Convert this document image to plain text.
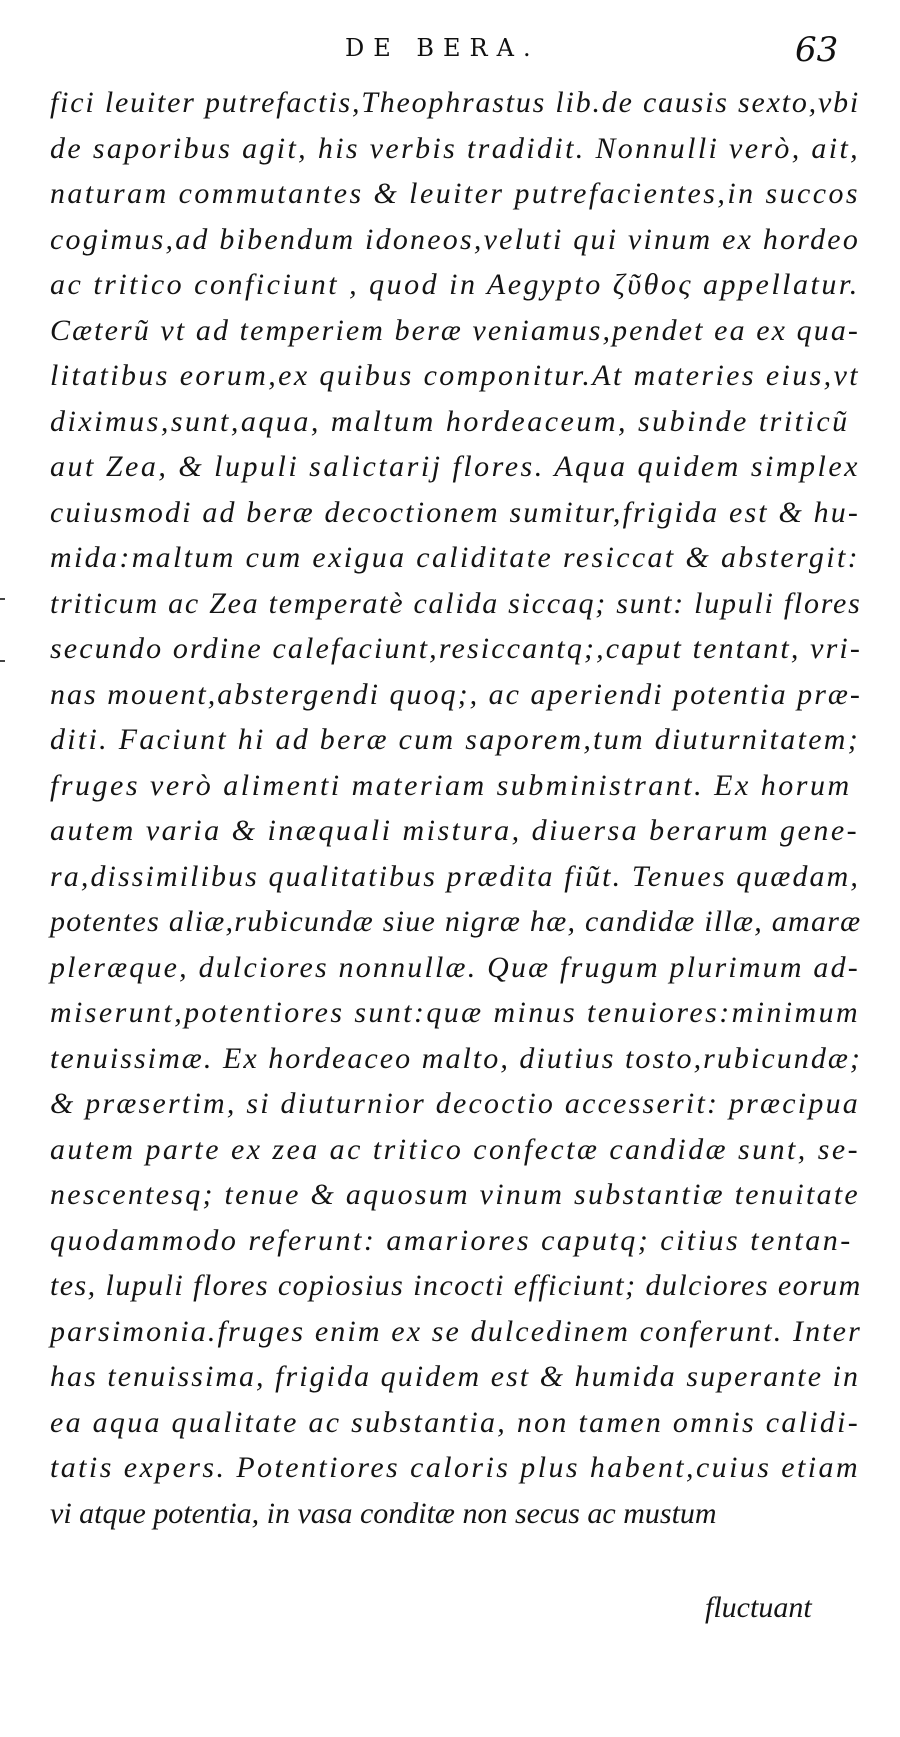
DE BERA.	63
fici leuiter putrefactis,Theophrastus lib.de causis sexto,vbi
de saporibus agit, his verbis tradidit. Nonnulli verò, ait,
naturam commutantes & leuiter putrefacientes,in succos
cogimus,ad bibendum idoneos,veluti qui vinum ex hordeo
ac tritico conficiunt , quod in Aegypto ζῦθος appellatur.
Cæterũ vt ad temperiem beræ veniamus,pendet ea ex qua-
litatibus eorum,ex quibus componitur.At materies eius,vt
diximus,sunt,aqua, maltum hordeaceum, subinde triticũ
aut Zea, & lupuli salictarij flores. Aqua quidem simplex
cuiusmodi ad beræ decoctionem sumitur,frigida est & hu-
mida:maltum cum exigua caliditate resiccat & abstergit:
triticum ac Zea temperatè calida siccaq; sunt: lupuli flores
secundo ordine calefaciunt,resiccantq;,caput tentant, vri-
nas mouent,abstergendi quoq;, ac aperiendi potentia præ-
diti. Faciunt hi ad beræ cum saporem,tum diuturnitatem;
fruges verò alimenti materiam subministrant. Ex horum
autem varia & inæquali mistura, diuersa berarum gene-
ra,dissimilibus qualitatibus prædita fiũt. Tenues quædam,
potentes aliæ,rubicundæ siue nigræ hæ, candidæ illæ, amaræ
pleræque, dulciores nonnullæ. Quæ frugum plurimum ad-
miserunt,potentiores sunt:quæ minus tenuiores:minimum
tenuissimæ. Ex hordeaceo malto, diutius tosto,rubicundæ;
& præsertim, si diuturnior decoctio accesserit: præcipua
autem parte ex zea ac tritico confectæ candidæ sunt, se-
nescentesq; tenue & aquosum vinum substantiæ tenuitate
quodammodo referunt: amariores caputq; citius tentan-
tes, lupuli flores copiosius incocti efficiunt; dulciores eorum
parsimonia.fruges enim ex se dulcedinem conferunt. Inter
has tenuissima, frigida quidem est & humida superante in
ea aqua qualitate ac substantia, non tamen omnis calidi-
tatis expers. Potentiores caloris plus habent,cuius etiam
vi atque potentia, in vasa conditæ non secus ac mustum
fluctuant
